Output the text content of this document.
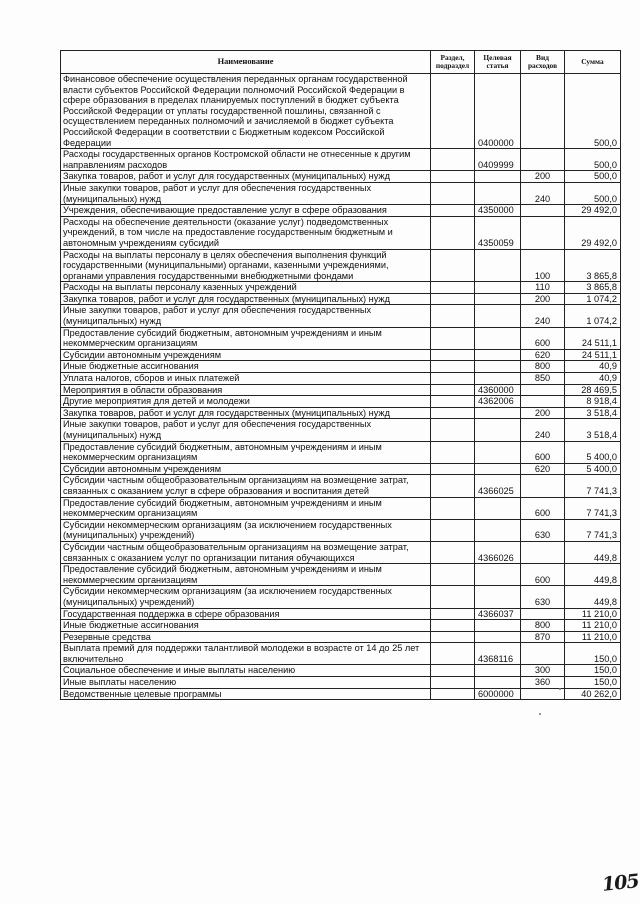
Наименование	Раздел, подраздел	Целевая статья	Вид расходов	Сумма
Финансовое обеспечение осуществления переданных органам государственной власти субъектов Российской Федерации полномочий Российской Федерации в сфере образования в пределах планируемых поступлений в бюджет субъекта Российской Федерации от уплаты государственной пошлины, связанной с осуществлением переданных полномочий и зачисляемой в бюджет субъекта Российской Федерации в соответствии с Бюджетным кодексом Российской Федерации		0400000		500,0
Расходы государственных органов Костромской области не отнесенные к другим направлениям расходов		0409999		500,0
Закупка товаров, работ и услуг для государственных (муниципальных) нужд			200	500,0
Иные закупки товаров, работ и услуг для обеспечения государственных (муниципальных) нужд			240	500,0
Учреждения, обеспечивающие предоставление услуг в сфере образования		4350000		29 492,0
Расходы на обеспечение деятельности (оказание услуг) подведомственных учреждений, в том числе на предоставление государственным бюджетным и автономным учреждениям субсидий		4350059		29 492,0
Расходы на выплаты персоналу в целях обеспечения выполнения функций государственными (муниципальными) органами, казенными учреждениями, органами управления государственными внебюджетными фондами			100	3 865,8
Расходы на выплаты персоналу казенных учреждений			110	3 865,8
Закупка товаров, работ и услуг для государственных (муниципальных) нужд			200	1 074,2
Иные закупки товаров, работ и услуг для обеспечения государственных (муниципальных) нужд			240	1 074,2
Предоставление субсидий бюджетным, автономным учреждениям и иным некоммерческим организациям			600	24 511,1
Субсидии автономным учреждениям			620	24 511,1
Иные бюджетные ассигнования			800	40,9
Уплата налогов, сборов и иных платежей			850	40,9
Мероприятия в области образования		4360000		28 469,5
Другие мероприятия для детей и молодежи		4362006		8 918,4
Закупка товаров, работ и услуг для государственных (муниципальных) нужд			200	3 518,4
Иные закупки товаров, работ и услуг для обеспечения государственных (муниципальных) нужд			240	3 518,4
Предоставление субсидий бюджетным, автономным учреждениям и иным некоммерческим организациям			600	5 400,0
Субсидии автономным учреждениям			620	5 400,0
Субсидии частным общеобразовательным организациям на возмещение затрат, связанных с оказанием услуг в сфере образования и воспитания детей		4366025		7 741,3
Предоставление субсидий бюджетным, автономным учреждениям и иным некоммерческим организациям			600	7 741,3
Субсидии некоммерческим организациям (за исключением государственных (муниципальных) учреждений)			630	7 741,3
Субсидии частным общеобразовательным организациям на возмещение затрат, связанных с оказанием услуг по организации питания обучающихся		4366026		449,8
Предоставление субсидий бюджетным, автономным учреждениям и иным некоммерческим организациям			600	449,8
Субсидии некоммерческим организациям (за исключением государственных (муниципальных) учреждений)			630	449,8
Государственная поддержка в сфере образования		4366037		11 210,0
Иные бюджетные ассигнования			800	11 210,0
Резервные средства			870	11 210,0
Выплата премий для поддержки талантливой молодежи в возрасте от 14 до 25 лет включительно		4368116		150,0
Социальное обеспечение и иные выплаты населению			300	150,0
Иные выплаты населению			360	150,0
Ведомственные целевые программы		6000000		40 262,0
105
